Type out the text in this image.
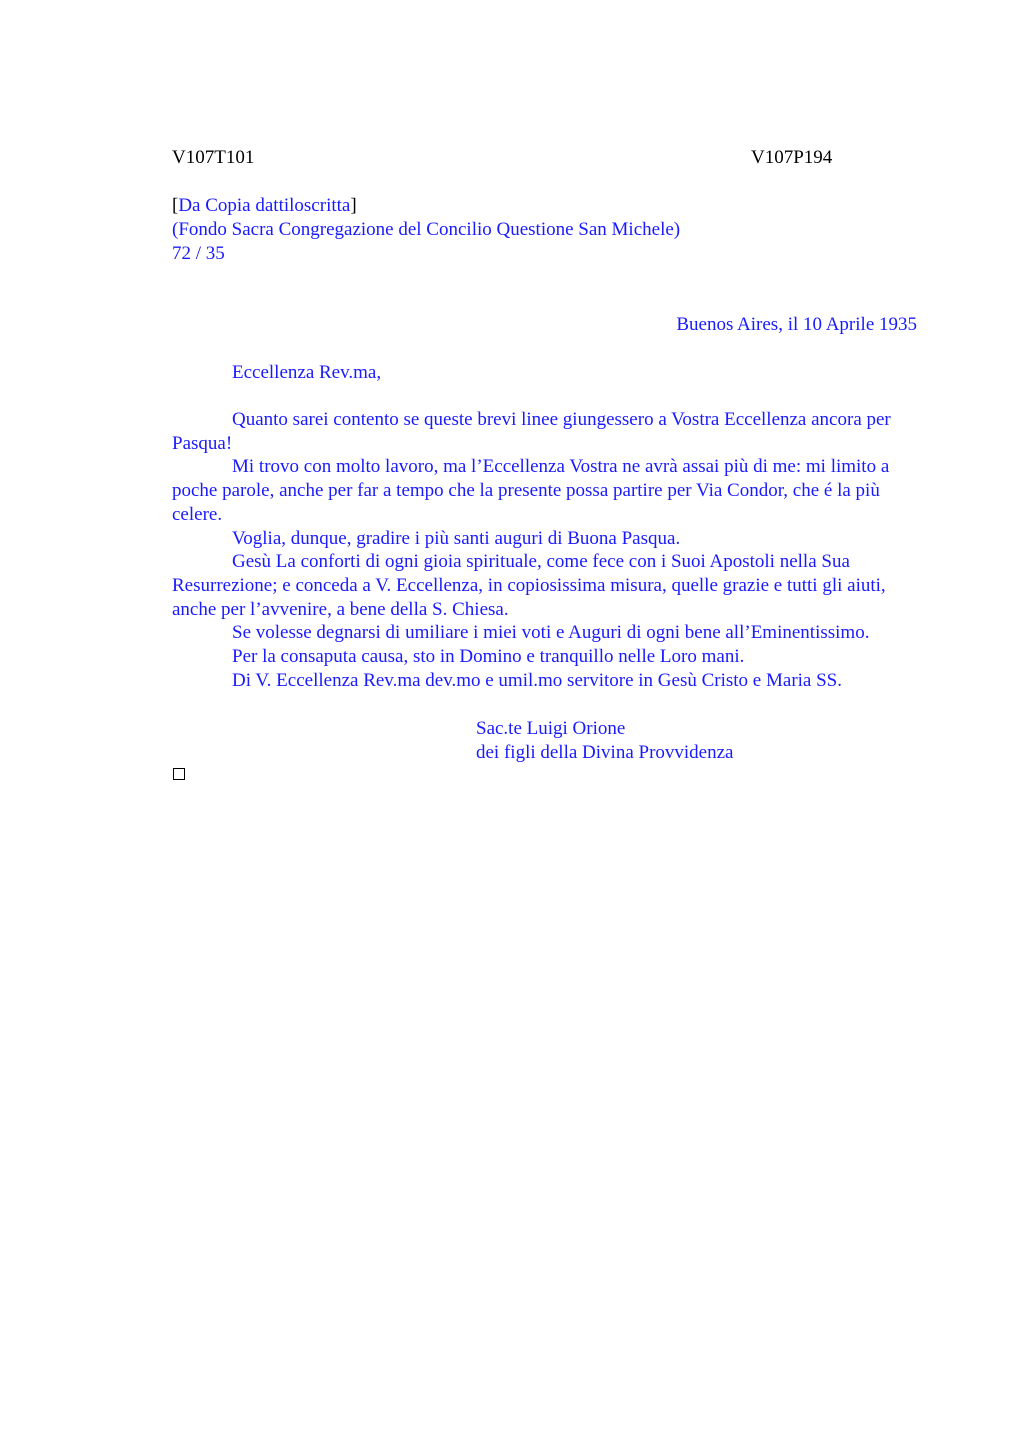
V107T101	V107P194
[Da Copia dattiloscritta]
(Fondo Sacra Congregazione del Concilio Questione San Michele)
72 / 35
Buenos Aires, il 10 Aprile 1935
Eccellenza Rev.ma,

Quanto sarei contento se queste brevi linee giungessero a Vostra Eccellenza ancora per Pasqua!

Mi trovo con molto lavoro, ma l’Eccellenza Vostra ne avrà assai più di me: mi limito a poche parole, anche per far a tempo che la presente possa partire per Via Condor, che é la più celere.

Voglia, dunque, gradire i più santi auguri di Buona Pasqua.

Gesù La conforti di ogni gioia spirituale, come fece con i Suoi Apostoli nella Sua Resurrezione; e conceda a V. Eccellenza, in copiosissima misura, quelle grazie e tutti gli aiuti, anche per l’avvenire, a bene della S. Chiesa.

Se volesse degnarsi di umiliare i miei voti e Auguri di ogni bene all’Eminentissimo.

Per la consaputa causa, sto in Domino e tranquillo nelle Loro mani.

Di V. Eccellenza Rev.ma dev.mo e umil.mo servitore in Gesù Cristo e Maria SS.

Sac.te Luigi Orione
dei figli della Divina Provvidenza
